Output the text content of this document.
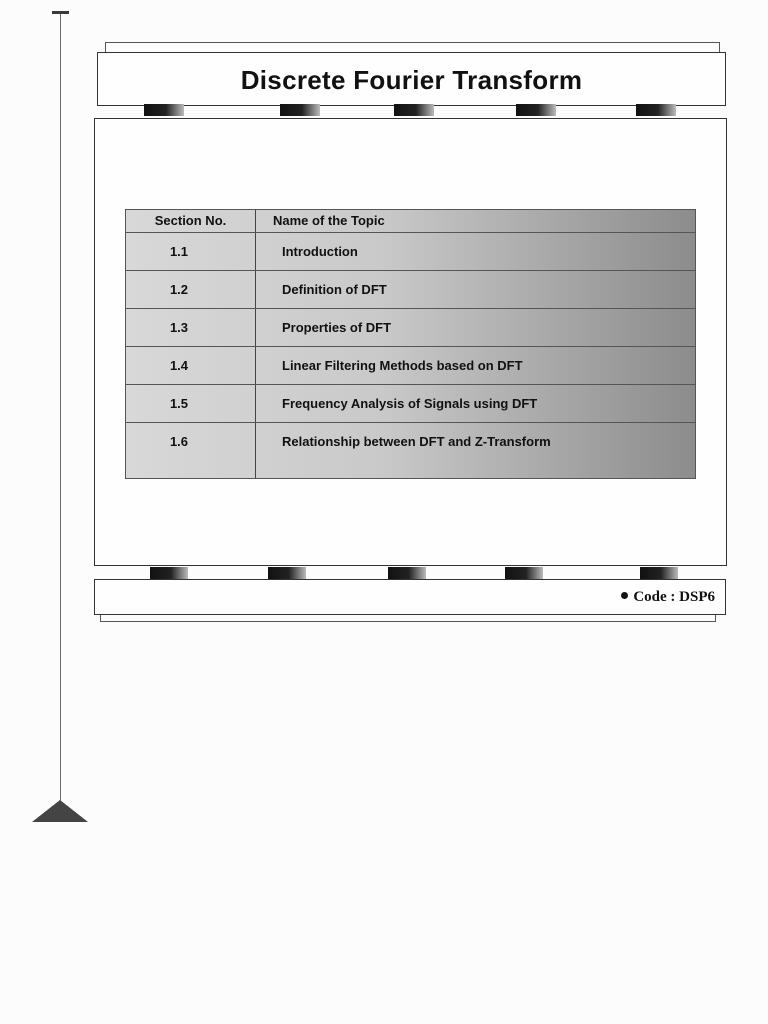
Discrete Fourier Transform
Section No.	Name of the Topic
1.1	Introduction
1.2	Definition of DFT
1.3	Properties of DFT
1.4	Linear Filtering Methods based on DFT
1.5	Frequency Analysis of Signals using DFT
1.6	Relationship between DFT and Z-Transform
Code : DSP6
